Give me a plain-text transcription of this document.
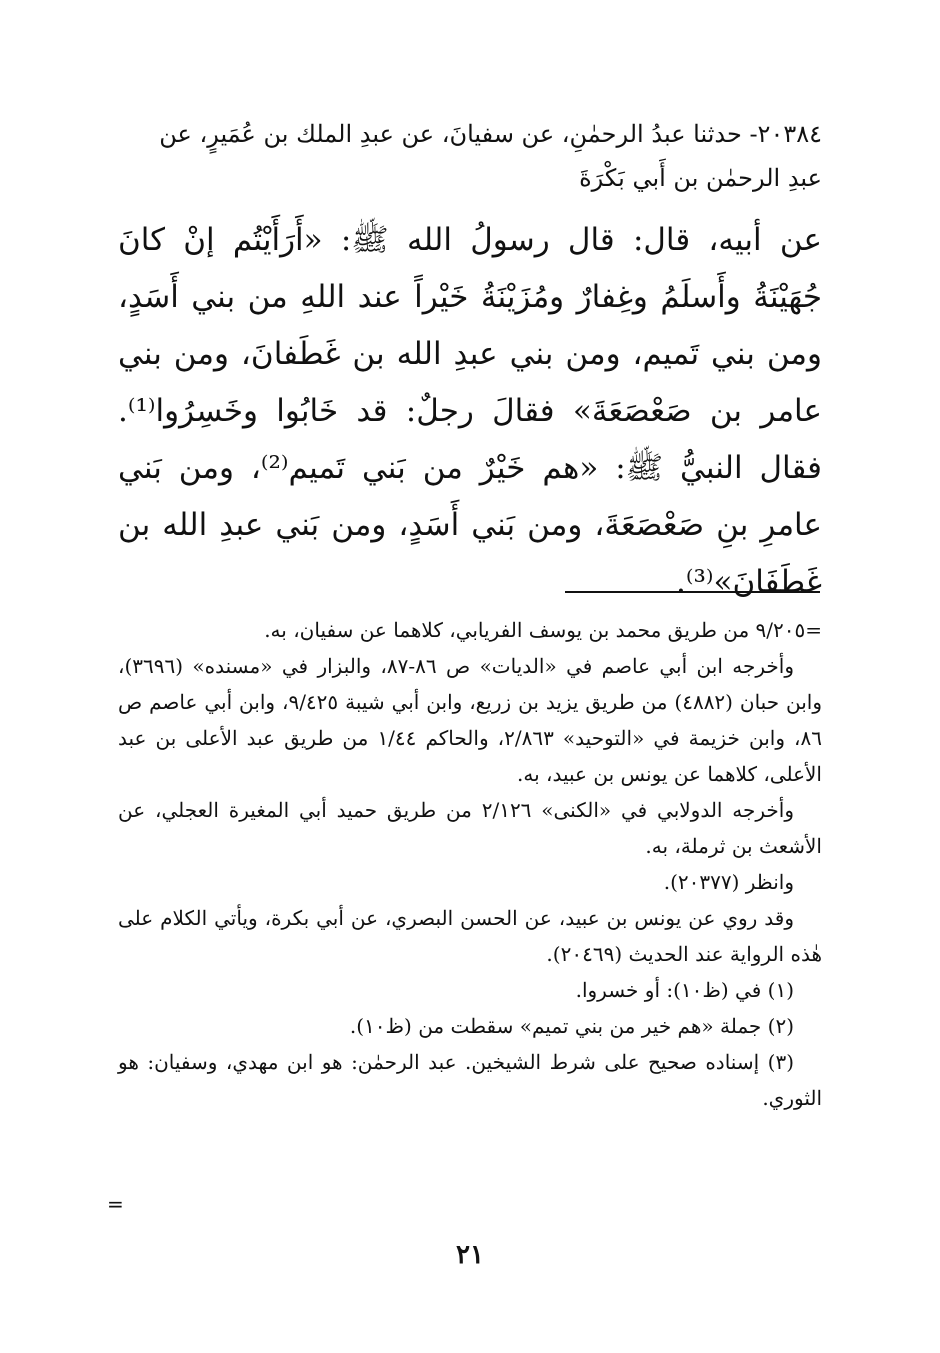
٢٠٣٨٤- حدثنا عبدُ الرحمٰنِ، عن سفيانَ، عن عبدِ الملك بن عُمَيرٍ، عن عبدِ الرحمٰن بن أَبي بَكْرَةَ
عن أبيه، قال: قال رسولُ الله ﷺ: «أَرَأَيْتُم إنْ كانَ جُهَيْنَةُ وأَسلَمُ وغِفارٌ ومُزَيْنَةُ خَيْراً عند اللهِ من بني أَسَدٍ، ومن بني تَميم، ومن بني عبدِ الله بن غَطَفانَ، ومن بني عامر بن صَعْصَعَةَ» فقالَ رجلٌ: قد خَابُوا وخَسِرُوا⁽¹⁾. فقال النبيُّ ﷺ: «هم خَيْرٌ من بَني تَميم⁽²⁾، ومن بَني عامرِ بنِ صَعْصَعَةَ، ومن بَني أَسَدٍ، ومن بَني عبدِ الله بن غَطَفَانَ»⁽³⁾.

=٩/٢٠٥ من طريق محمد بن يوسف الفريابي، كلاهما عن سفيان، به.

وأخرجه ابن أبي عاصم في «الديات» ص ٨٦-٨٧، والبزار في «مسنده» (٣٦٩٦)، وابن حبان (٤٨٨٢) من طريق يزيد بن زريع، وابن أبي شيبة ٩/٤٢٥، وابن أبي عاصم ص ٨٦، وابن خزيمة في «التوحيد» ٢/٨٦٣، والحاكم ١/٤٤ من طريق عبد الأعلى بن عبد الأعلى، كلاهما عن يونس بن عبيد، به.

وأخرجه الدولابي في «الكنى» ٢/١٢٦ من طريق حميد أبي المغيرة العجلي، عن الأشعث بن ثرملة، به.

وانظر (٢٠٣٧٧).

وقد روي عن يونس بن عبيد، عن الحسن البصري، عن أبي بكرة، ويأتي الكلام على هٰذه الرواية عند الحديث (٢٠٤٦٩).

(١) في (ظ١٠): أو خسروا.

(٢) جملة «هم خير من بني تميم» سقطت من (ظ١٠).

(٣) إسناده صحيح على شرط الشيخين. عبد الرحمٰن: هو ابن مهدي، وسفيان: هو الثوري.

=
٢١
